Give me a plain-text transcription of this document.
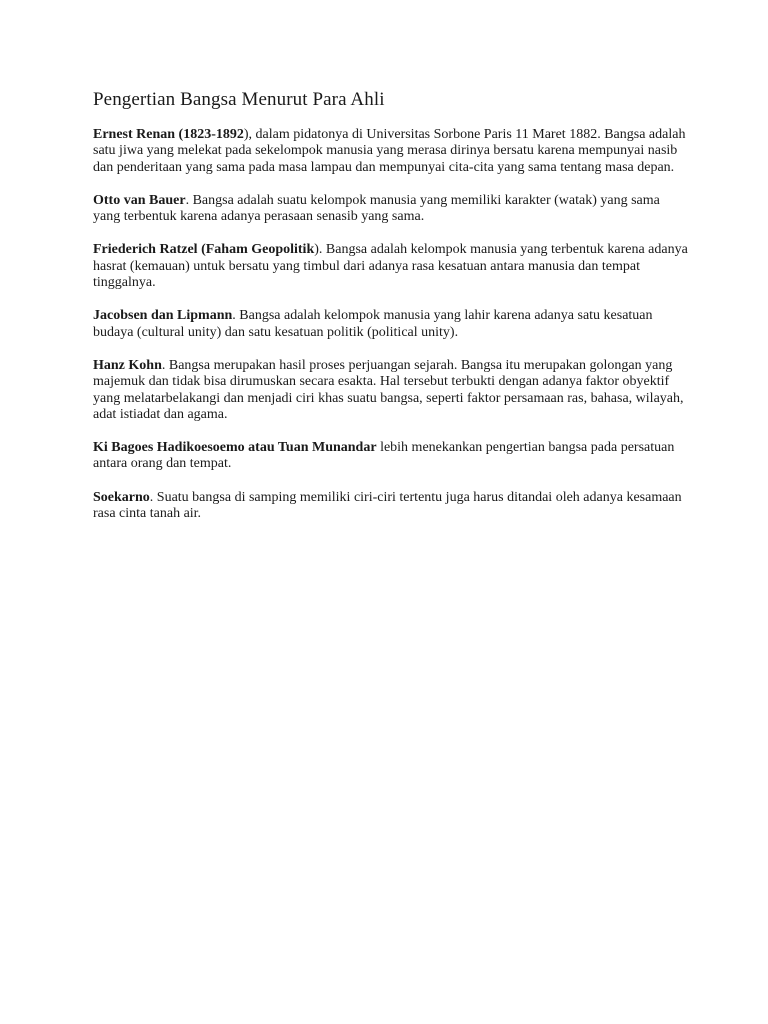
Pengertian Bangsa Menurut Para Ahli

Ernest Renan (1823-1892), dalam pidatonya di Universitas Sorbone Paris 11 Maret 1882. Bangsa adalah satu jiwa yang melekat pada sekelompok manusia yang merasa dirinya bersatu karena mempunyai nasib dan penderitaan yang sama pada masa lampau dan mempunyai cita-cita yang sama tentang masa depan.

Otto van Bauer. Bangsa adalah suatu kelompok manusia yang memiliki karakter (watak) yang sama yang terbentuk karena adanya perasaan senasib yang sama.

Friederich Ratzel (Faham Geopolitik). Bangsa adalah kelompok manusia yang terbentuk karena adanya hasrat (kemauan) untuk bersatu yang timbul dari adanya rasa kesatuan antara manusia dan tempat tinggalnya.

Jacobsen dan Lipmann. Bangsa adalah kelompok manusia yang lahir karena adanya satu kesatuan budaya (cultural unity) dan satu kesatuan politik (political unity).

Hanz Kohn. Bangsa merupakan hasil proses perjuangan sejarah. Bangsa itu merupakan golongan yang majemuk dan tidak bisa dirumuskan secara esakta. Hal tersebut terbukti dengan adanya faktor obyektif yang melatarbelakangi dan menjadi ciri khas suatu bangsa, seperti faktor persamaan ras, bahasa, wilayah, adat istiadat dan agama.

Ki Bagoes Hadikoesoemo atau Tuan Munandar lebih menekankan pengertian bangsa pada persatuan antara orang dan tempat.

Soekarno. Suatu bangsa di samping memiliki ciri-ciri tertentu juga harus ditandai oleh adanya kesamaan rasa cinta tanah air.
